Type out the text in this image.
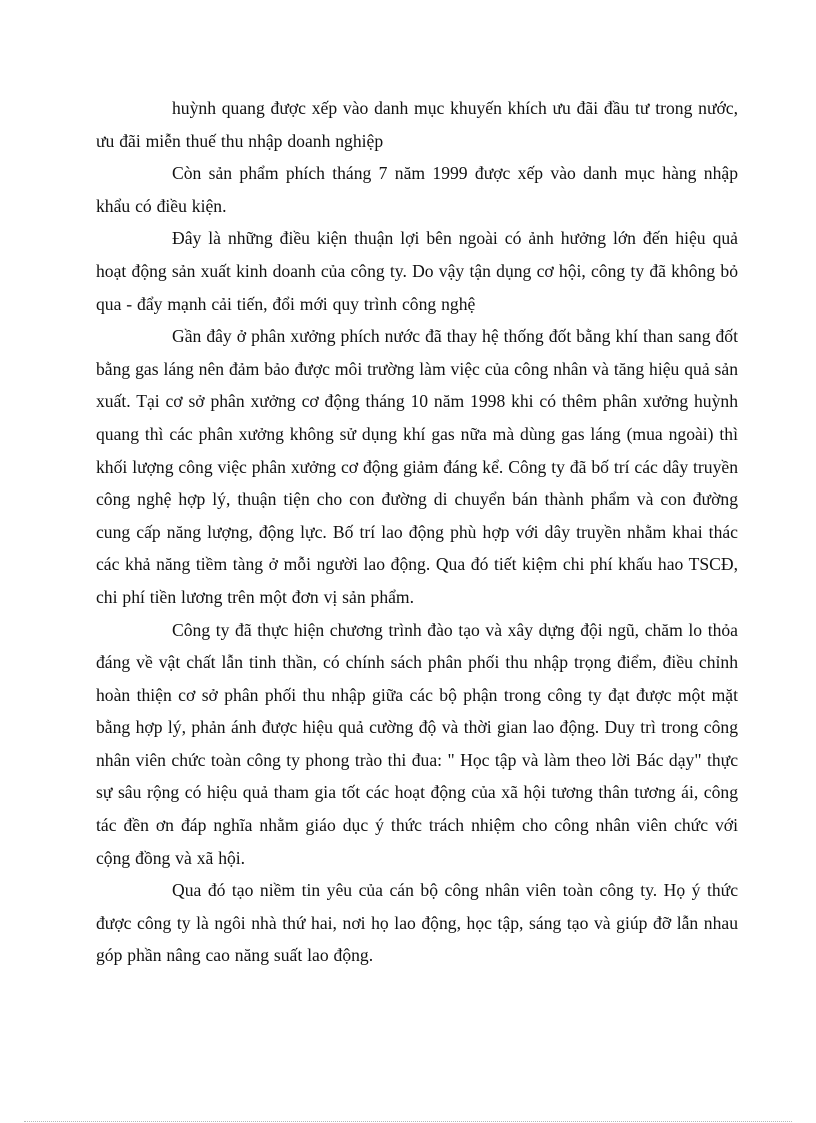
huỳnh quang được xếp vào danh mục khuyến khích ưu đãi đầu tư trong nước, ưu đãi miễn thuế thu nhập doanh nghiệp

Còn sản phẩm phích tháng 7 năm 1999 được xếp vào danh mục hàng nhập khẩu có điều kiện.

Đây là những điều kiện thuận lợi bên ngoài có ảnh hưởng lớn đến hiệu quả hoạt động sản xuất kinh doanh của công ty. Do vậy tận dụng cơ hội, công ty đã không bỏ qua - đẩy mạnh cải tiến, đổi mới quy trình công nghệ

Gần đây ở phân xưởng phích nước đã thay hệ thống đốt bằng khí than sang đốt bằng gas láng nên đảm bảo được môi trường làm việc của công nhân và tăng hiệu quả sản xuất. Tại cơ sở phân xưởng cơ động tháng 10 năm 1998 khi có thêm phân xưởng huỳnh quang thì các phân xưởng không sử dụng khí gas nữa mà dùng gas láng (mua ngoài) thì khối lượng công việc phân xưởng cơ động giảm đáng kể. Công ty đã bố trí các dây truyền công nghệ hợp lý, thuận tiện cho con đường di chuyển bán thành phẩm và con đường cung cấp năng lượng, động lực. Bố trí lao động phù hợp với dây truyền nhằm khai thác các khả năng tiềm tàng ở mỗi người lao động. Qua đó tiết kiệm chi phí khấu hao TSCĐ, chi phí tiền lương trên một đơn vị sản phẩm.

Công ty đã thực hiện chương trình đào tạo và xây dựng đội ngũ, chăm lo thỏa đáng về vật chất lẫn tinh thần, có chính sách phân phối thu nhập trọng điểm, điều chỉnh hoàn thiện cơ sở phân phối thu nhập giữa các bộ phận trong công ty đạt được một mặt bằng hợp lý, phản ánh được hiệu quả cường độ và thời gian lao động. Duy trì trong công nhân viên chức toàn công ty phong trào thi đua: " Học tập và làm theo lời Bác dạy" thực sự sâu rộng có hiệu quả tham gia tốt các hoạt động của xã hội tương thân tương ái, công tác đền ơn đáp nghĩa nhằm giáo dục ý thức trách nhiệm cho công nhân viên chức với cộng đồng và xã hội.

Qua đó tạo niềm tin yêu của cán bộ công nhân viên toàn công ty. Họ ý thức được công ty là ngôi nhà thứ hai, nơi họ lao động, học tập, sáng tạo và giúp đỡ lẫn nhau góp phần nâng cao năng suất lao động.
